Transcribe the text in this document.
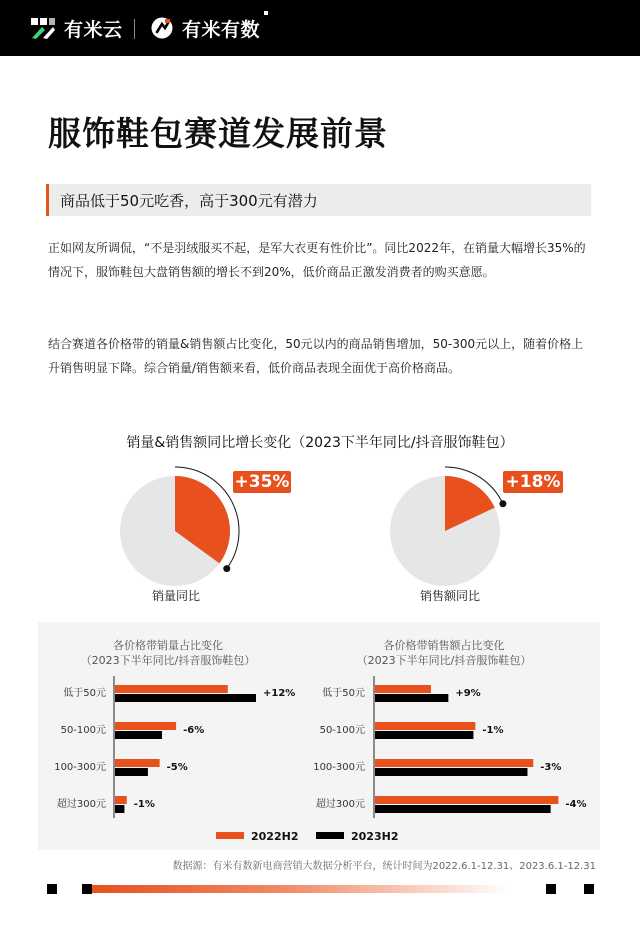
有米云	有米有数
服饰鞋包赛道发展前景
商品低于50元吃香，高于300元有潜力

正如网友所调侃，“不是羽绒服买不起，是军大衣更有性价比”。同比2022年，在销量大幅增长35%的情况下，服饰鞋包大盘销售额的增长不到20%，低价商品正激发消费者的购买意愿。

结合赛道各价格带的销量&销售额占比变化，50元以内的商品销售增加，50-300元以上，随着价格上升销售明显下降。综合销量/销售额来看，低价商品表现全面优于高价格商品。

销量&销售额同比增长变化（2023下半年同比/抖音服饰鞋包）
+35%	+18%
销量同比	销售额同比
各价格带销量占比变化
（2023下半年同比/抖音服饰鞋包）
各价格带销售额占比变化
（2023下半年同比/抖音服饰鞋包）
低于50元	+12%
50-100元	-6%
100-300元	-5%
超过300元	-1%
低于50元	+9%
50-100元	-1%
100-300元	-3%
超过300元	-4%
2022H2	2023H2
数据源：有米有数新电商营销大数据分析平台，统计时间为2022.6.1-12.31、2023.6.1-12.31
